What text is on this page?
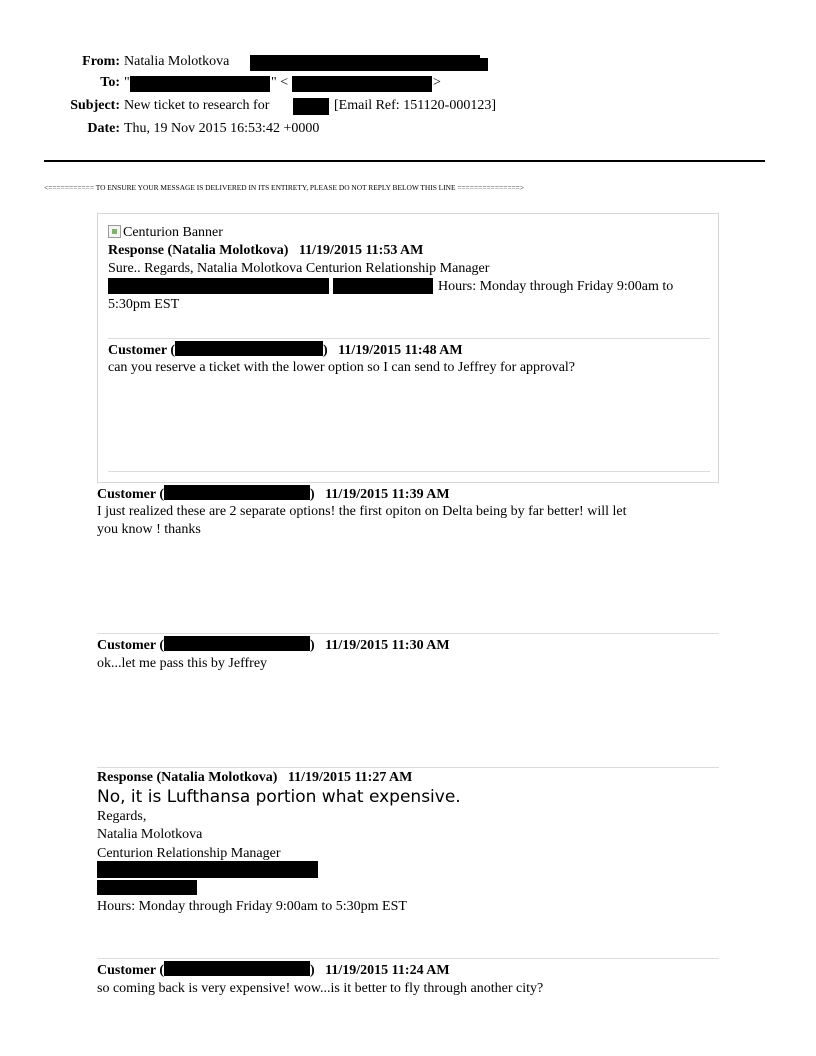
From: Natalia Molotkova
To: "	" <	>
Subject: New ticket to research for	[Email Ref: 151120-000123]
Date: Thu, 19 Nov 2015 16:53:42 +0000
<=========== TO ENSURE YOUR MESSAGE IS DELIVERED IN ITS ENTIRETY, PLEASE DO NOT REPLY BELOW THIS LINE ===============>
Centurion Banner
Response (Natalia Molotkova)   11/19/2015 11:53 AM
Sure.. Regards, Natalia Molotkova Centurion Relationship Manager
Hours: Monday through Friday 9:00am to
5:30pm EST
Customer (	)   11/19/2015 11:48 AM
can you reserve a ticket with the lower option so I can send to Jeffrey for approval?
Customer (	)   11/19/2015 11:39 AM
I just realized these are 2 separate options! the first opiton on Delta being by far better! will let
you know ! thanks
Customer (	)   11/19/2015 11:30 AM
ok...let me pass this by Jeffrey
Response (Natalia Molotkova)   11/19/2015 11:27 AM
No, it is Lufthansa portion what expensive.
Regards,
Natalia Molotkova
Centurion Relationship Manager
Hours: Monday through Friday 9:00am to 5:30pm EST
Customer (	)   11/19/2015 11:24 AM
so coming back is very expensive! wow...is it better to fly through another city?
